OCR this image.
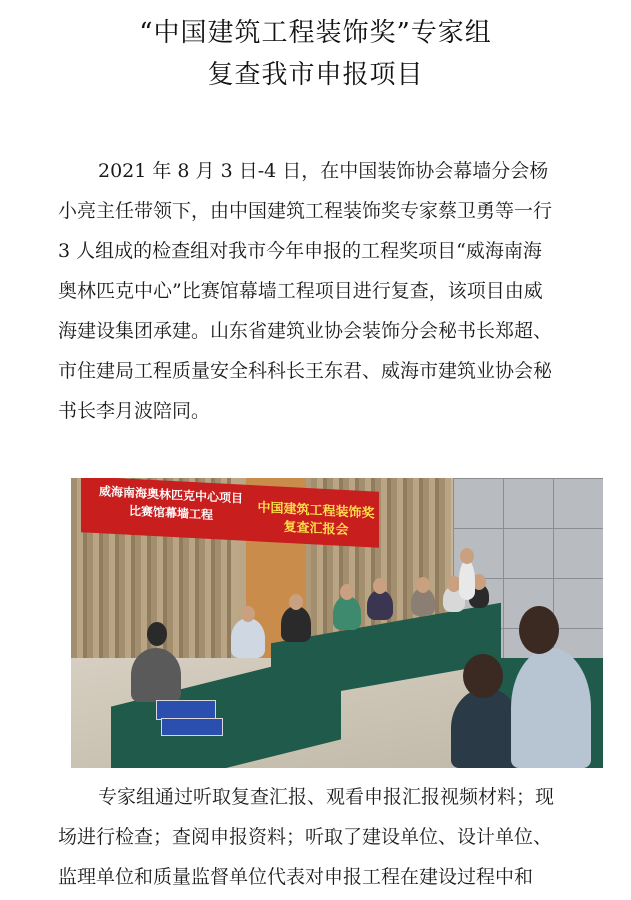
“中国建筑工程装饰奖”专家组
复查我市申报项目
2021 年 8 月 3 日-4 日，在中国装饰协会幕墙分会杨
小亮主任带领下，由中国建筑工程装饰奖专家蔡卫勇等一行
3 人组成的检查组对我市今年申报的工程奖项目“威海南海
奥林匹克中心”比赛馆幕墙工程项目进行复查，该项目由威
海建设集团承建。山东省建筑业协会装饰分会秘书长郑超、
市住建局工程质量安全科科长王东君、威海市建筑业协会秘
书长李月波陪同。
威海南海奥林匹克中心项目
比赛馆幕墙工程	中国建筑工程装饰奖复查汇报会
专家组通过听取复查汇报、观看申报汇报视频材料；现
场进行检查；查阅申报资料；听取了建设单位、设计单位、
监理单位和质量监督单位代表对申报工程在建设过程中和
